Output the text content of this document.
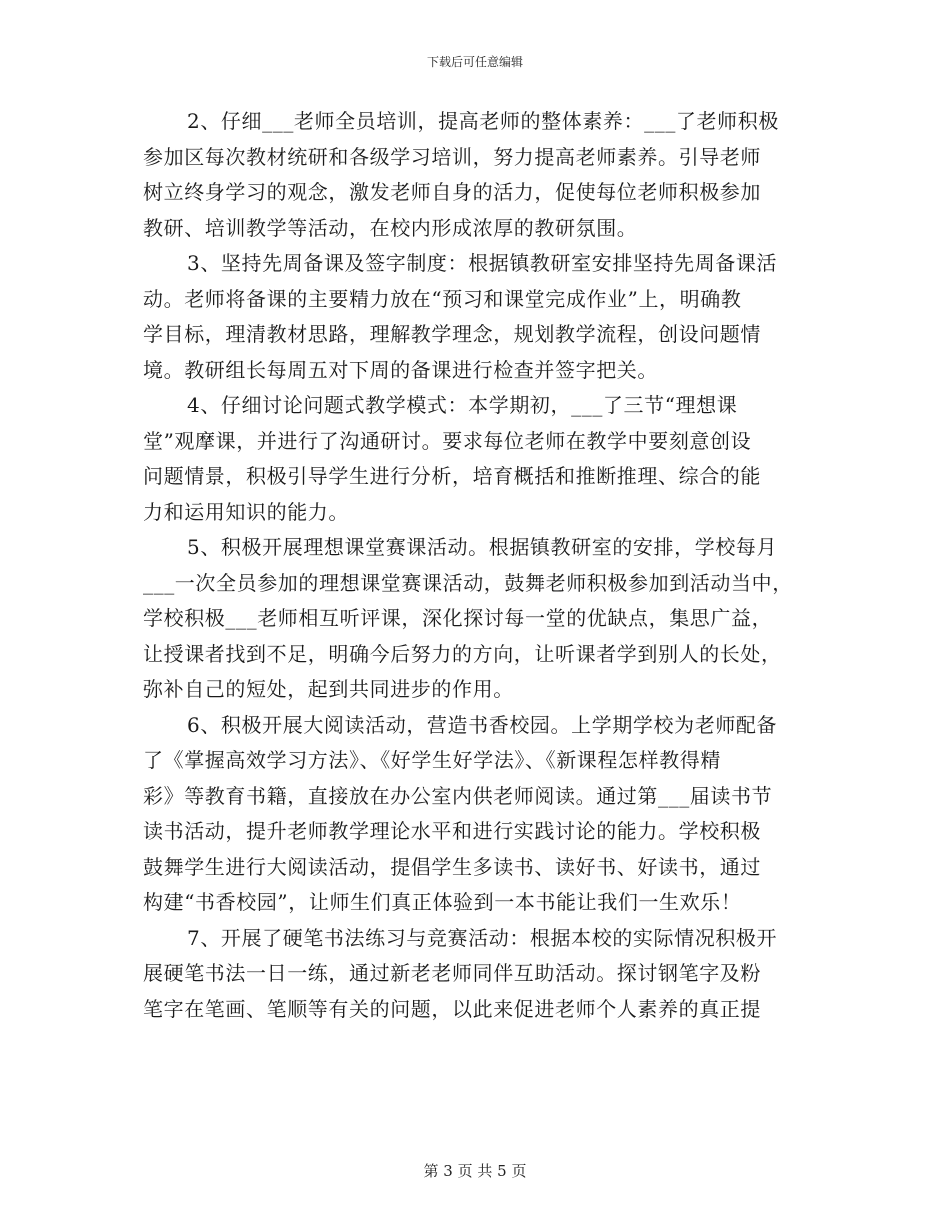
下载后可任意编辑

2、仔细___老师全员培训，提高老师的整体素养：___了老师积极
参加区每次教材统研和各级学习培训，努力提高老师素养。引导老师
树立终身学习的观念，激发老师自身的活力，促使每位老师积极参加
教研、培训教学等活动，在校内形成浓厚的教研氛围。

3、坚持先周备课及签字制度：根据镇教研室安排坚持先周备课活
动。老师将备课的主要精力放在“预习和课堂完成作业”上，明确教
学目标，理清教材思路，理解教学理念，规划教学流程，创设问题情
境。教研组长每周五对下周的备课进行检查并签字把关。

4、仔细讨论问题式教学模式：本学期初，___了三节“理想课
堂”观摩课，并进行了沟通研讨。要求每位老师在教学中要刻意创设
问题情景，积极引导学生进行分析，培育概括和推断推理、综合的能
力和运用知识的能力。

5、积极开展理想课堂赛课活动。根据镇教研室的安排，学校每月
___一次全员参加的理想课堂赛课活动，鼓舞老师积极参加到活动当中，
学校积极___老师相互听评课，深化探讨每一堂的优缺点，集思广益，
让授课者找到不足，明确今后努力的方向，让听课者学到别人的长处，
弥补自己的短处，起到共同进步的作用。

6、积极开展大阅读活动，营造书香校园。上学期学校为老师配备
了《掌握高效学习方法》、《好学生好学法》、《新课程怎样教得精
彩》等教育书籍，直接放在办公室内供老师阅读。通过第___届读书节
读书活动，提升老师教学理论水平和进行实践讨论的能力。学校积极
鼓舞学生进行大阅读活动，提倡学生多读书、读好书、好读书，通过
构建“书香校园”，让师生们真正体验到一本书能让我们一生欢乐！

7、开展了硬笔书法练习与竞赛活动：根据本校的实际情况积极开
展硬笔书法一日一练，通过新老老师同伴互助活动。探讨钢笔字及粉
笔字在笔画、笔顺等有关的问题，以此来促进老师个人素养的真正提

第 3 页 共 5 页
